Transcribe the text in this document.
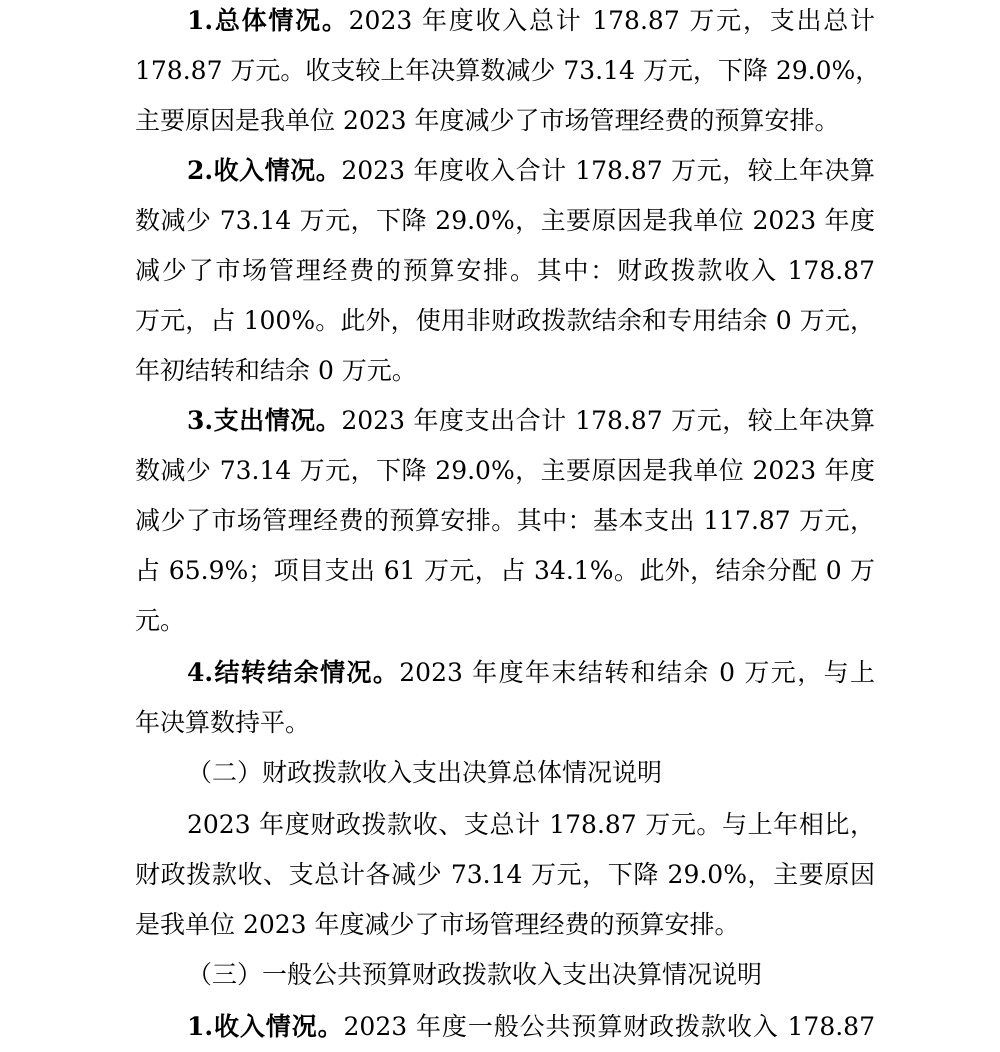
1.总体情况。2023 年度收入总计 178.87 万元，支出总计
178.87 万元。收支较上年决算数减少 73.14 万元，下降 29.0%，
主要原因是我单位 2023 年度减少了市场管理经费的预算安排。
2.收入情况。2023 年度收入合计 178.87 万元，较上年决算
数减少 73.14 万元，下降 29.0%，主要原因是我单位 2023 年度
减少了市场管理经费的预算安排。其中：财政拨款收入 178.87
万元，占 100%。此外，使用非财政拨款结余和专用结余 0 万元，
年初结转和结余 0 万元。
3.支出情况。2023 年度支出合计 178.87 万元，较上年决算
数减少 73.14 万元，下降 29.0%，主要原因是我单位 2023 年度
减少了市场管理经费的预算安排。其中：基本支出 117.87 万元，
占 65.9%；项目支出 61 万元，占 34.1%。此外，结余分配 0 万
元。
4.结转结余情况。2023 年度年末结转和结余 0 万元，与上
年决算数持平。
（二）财政拨款收入支出决算总体情况说明
2023 年度财政拨款收、支总计 178.87 万元。与上年相比，
财政拨款收、支总计各减少 73.14 万元，下降 29.0%，主要原因
是我单位 2023 年度减少了市场管理经费的预算安排。
（三）一般公共预算财政拨款收入支出决算情况说明
1.收入情况。2023 年度一般公共预算财政拨款收入 178.87
